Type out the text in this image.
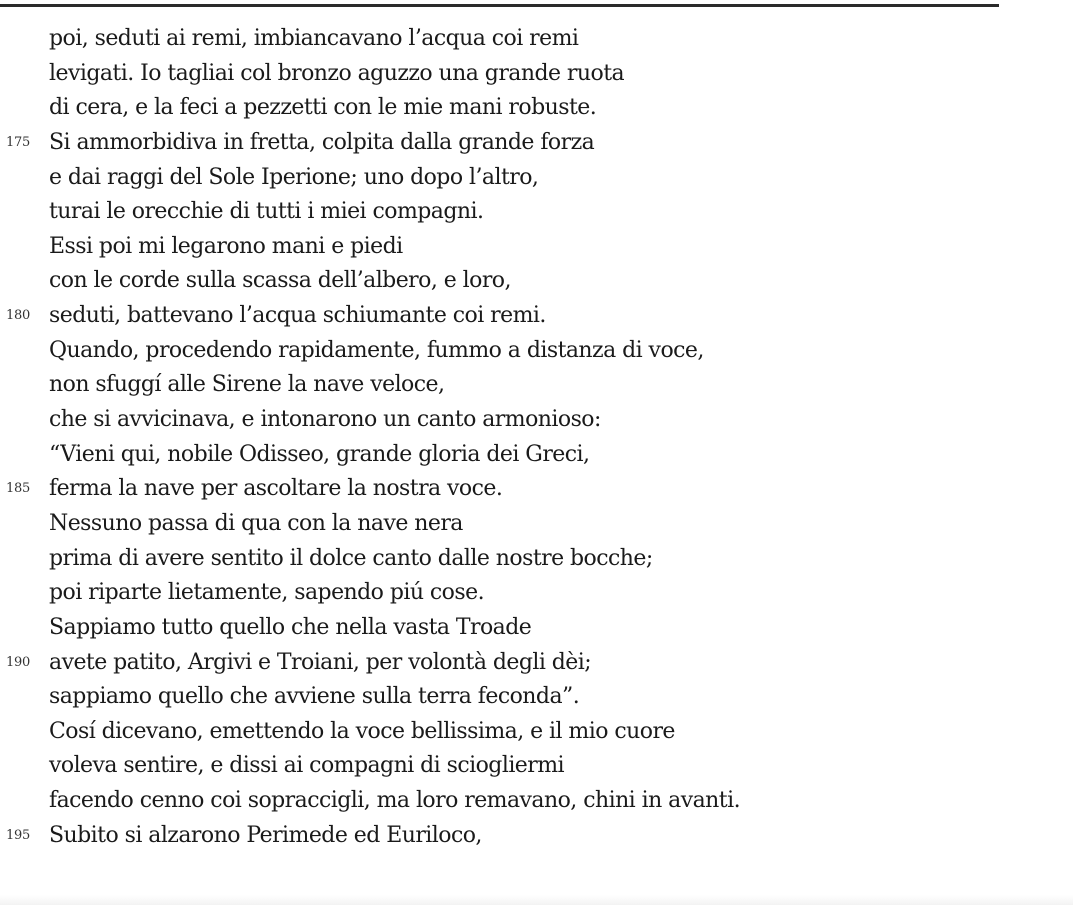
poi, seduti ai remi, imbiancavano l’acqua coi remi
levigati. Io tagliai col bronzo aguzzo una grande ruota
di cera, e la feci a pezzetti con le mie mani robuste.
175 Si ammorbidiva in fretta, colpita dalla grande forza
e dai raggi del Sole Iperione; uno dopo l’altro,
turai le orecchie di tutti i miei compagni.
Essi poi mi legarono mani e piedi
con le corde sulla scassa dell’albero, e loro,
180 seduti, battevano l’acqua schiumante coi remi.
Quando, procedendo rapidamente, fummo a distanza di voce,
non sfuggí alle Sirene la nave veloce,
che si avvicinava, e intonarono un canto armonioso:
“Vieni qui, nobile Odisseo, grande gloria dei Greci,
185 ferma la nave per ascoltare la nostra voce.
Nessuno passa di qua con la nave nera
prima di avere sentito il dolce canto dalle nostre bocche;
poi riparte lietamente, sapendo piú cose.
Sappiamo tutto quello che nella vasta Troade
190 avete patito, Argivi e Troiani, per volontà degli dèi;
sappiamo quello che avviene sulla terra feconda”.
Cosí dicevano, emettendo la voce bellissima, e il mio cuore
voleva sentire, e dissi ai compagni di sciogliermi
facendo cenno coi sopraccigli, ma loro remavano, chini in avanti.
195 Subito si alzarono Perimede ed Euriloco,
